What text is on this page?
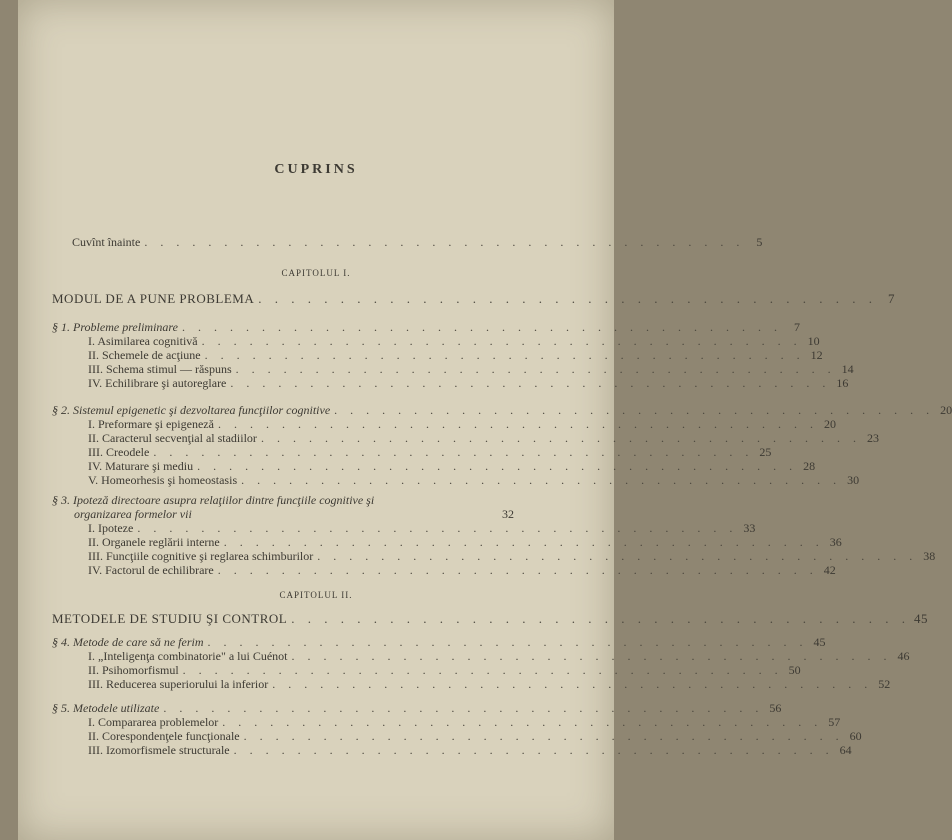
CUPRINS
Cuvînt înainte . . . . . . . . . . . . . . . . . . . . . . . . . . . . . . . . . . . . . .	5
CAPITOLUL I.
MODUL DE A PUNE PROBLEMA . . . . . . . . . . . . . . . . . . . . . . . . . . . . . . . . . . . . . . 7
§ 1. Probleme preliminare . . . . . . . . . . . . . . . . . . . . . . . . . . . . . . . . . . . . . .	7
I. Asimilarea cognitivă . . . . . . . . . . . . . . . . . . . . . . . . . . . . . . . . . . . . . . 10
II. Schemele de acţiune . . . . . . . . . . . . . . . . . . . . . . . . . . . . . . . . . . . . . . 12
III. Schema stimul — răspuns . . . . . . . . . . . . . . . . . . . . . . . . . . . . . . . . . . . . . . 14
IV. Echilibrare şi autoreglare . . . . . . . . . . . . . . . . . . . . . . . . . . . . . . . . . . . . . . 16
§ 2. Sistemul epigenetic şi dezvoltarea funcţiilor cognitive . . . . . . . . . . . . . . . . . . . . . . . . . . . . . . . . . . . . . . 20
I. Preformare şi epigeneză . . . . . . . . . . . . . . . . . . . . . . . . . . . . . . . . . . . . . . 20
II. Caracterul secvenţial al stadiilor . . . . . . . . . . . . . . . . . . . . . . . . . . . . . . . . . . . . . . 23
III. Creodele . . . . . . . . . . . . . . . . . . . . . . . . . . . . . . . . . . . . . . 25
IV. Maturare şi mediu . . . . . . . . . . . . . . . . . . . . . . . . . . . . . . . . . . . . . . 28
V. Homeorhesis şi homeostasis . . . . . . . . . . . . . . . . . . . . . . . . . . . . . . . . . . . . . . 30
§ 3. Ipoteză directoare asupra relaţiilor dintre funcţiile cognitive şi
organizarea formelor vii	32
I. Ipoteze . . . . . . . . . . . . . . . . . . . . . . . . . . . . . . . . . . . . . . 33
II. Organele reglării interne . . . . . . . . . . . . . . . . . . . . . . . . . . . . . . . . . . . . . . 36
III. Funcţiile cognitive şi reglarea schimburilor . . . . . . . . . . . . . . . . . . . . . . . . . . . . . . . . . . . . . . 38
IV. Factorul de echilibrare . . . . . . . . . . . . . . . . . . . . . . . . . . . . . . . . . . . . . . 42
CAPITOLUL II.
METODELE DE STUDIU ŞI CONTROL . . . . . . . . . . . . . . . . . . . . . . . . . . . . . . . . . . . . . . 45
§ 4. Metode de care să ne ferim . . . . . . . . . . . . . . . . . . . . . . . . . . . . . . . . . . . . . . 45
I. „Inteligenţa combinatorie" a lui Cuénot . . . . . . . . . . . . . . . . . . . . . . . . . . . . . . . . . . . . . . 46
II. Psihomorfismul . . . . . . . . . . . . . . . . . . . . . . . . . . . . . . . . . . . . . . 50
III. Reducerea superiorului la inferior . . . . . . . . . . . . . . . . . . . . . . . . . . . . . . . . . . . . . . 52
§ 5. Metodele utilizate . . . . . . . . . . . . . . . . . . . . . . . . . . . . . . . . . . . . . . 56
I. Compararea problemelor . . . . . . . . . . . . . . . . . . . . . . . . . . . . . . . . . . . . . . 57
II. Corespondenţele funcţionale . . . . . . . . . . . . . . . . . . . . . . . . . . . . . . . . . . . . . . 60
III. Izomorfismele structurale . . . . . . . . . . . . . . . . . . . . . . . . . . . . . . . . . . . . . . 64
